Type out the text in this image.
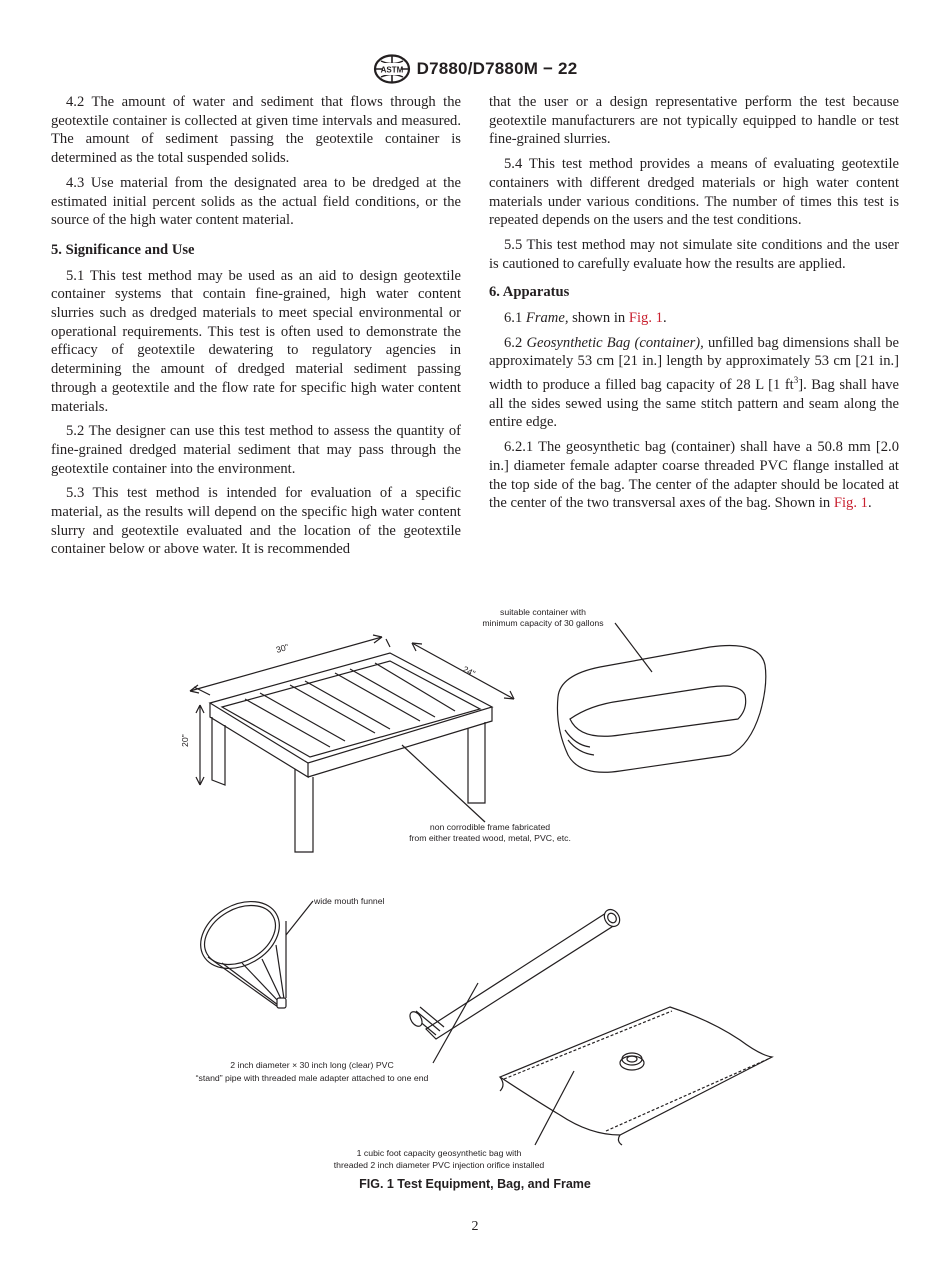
ASTM D7880/D7880M − 22

4.2 The amount of water and sediment that flows through the geotextile container is collected at given time intervals and measured. The amount of sediment passing the geotextile container is determined as the total suspended solids.

4.3 Use material from the designated area to be dredged at the estimated initial percent solids as the actual field conditions, or the source of the high water content material.

5. Significance and Use

5.1 This test method may be used as an aid to design geotextile container systems that contain fine-grained, high water content slurries such as dredged materials to meet special environmental or operational requirements. This test is often used to demonstrate the efficacy of geotextile dewatering to regulatory agencies in determining the amount of dredged material sediment passing through a geotextile and the flow rate for specific high water content materials.

5.2 The designer can use this test method to assess the quantity of fine-grained dredged material sediment that may pass through the geotextile container into the environment.

5.3 This test method is intended for evaluation of a specific material, as the results will depend on the specific high water content slurry and geotextile evaluated and the location of the geotextile container below or above water. It is recommended

that the user or a design representative perform the test because geotextile manufacturers are not typically equipped to handle or test fine-grained slurries.

5.4 This test method provides a means of evaluating geotextile containers with different dredged materials or high water content materials under various conditions. The number of times this test is repeated depends on the users and the test conditions.

5.5 This test method may not simulate site conditions and the user is cautioned to carefully evaluate how the results are applied.

6. Apparatus

6.1 Frame, shown in Fig. 1.

6.2 Geosynthetic Bag (container), unfilled bag dimensions shall be approximately 53 cm [21 in.] length by approximately 53 cm [21 in.] width to produce a filled bag capacity of 28 L [1 $ft^3$]. Bag shall have all the sides sewed using the same stitch pattern and seam along the entire edge.

6.2.1 The geosynthetic bag (container) shall have a 50.8 mm [2.0 in.] diameter female adapter coarse threaded PVC flange installed at the top side of the bag. The center of the adapter should be located at the center of the two transversal axes of the bag. Shown in Fig. 1.

30"
24"
20"
suitable container with
minimum capacity of 30 gallons
non corrodible frame fabricated
from either treated wood, metal, PVC, etc.
wide mouth funnel
2 inch diameter × 30 inch long (clear) PVC
“stand” pipe with threaded male adapter attached to one end
1 cubic foot capacity geosynthetic bag with
threaded 2 inch diameter PVC injection orifice installed
FIG. 1 Test Equipment, Bag, and Frame
2
